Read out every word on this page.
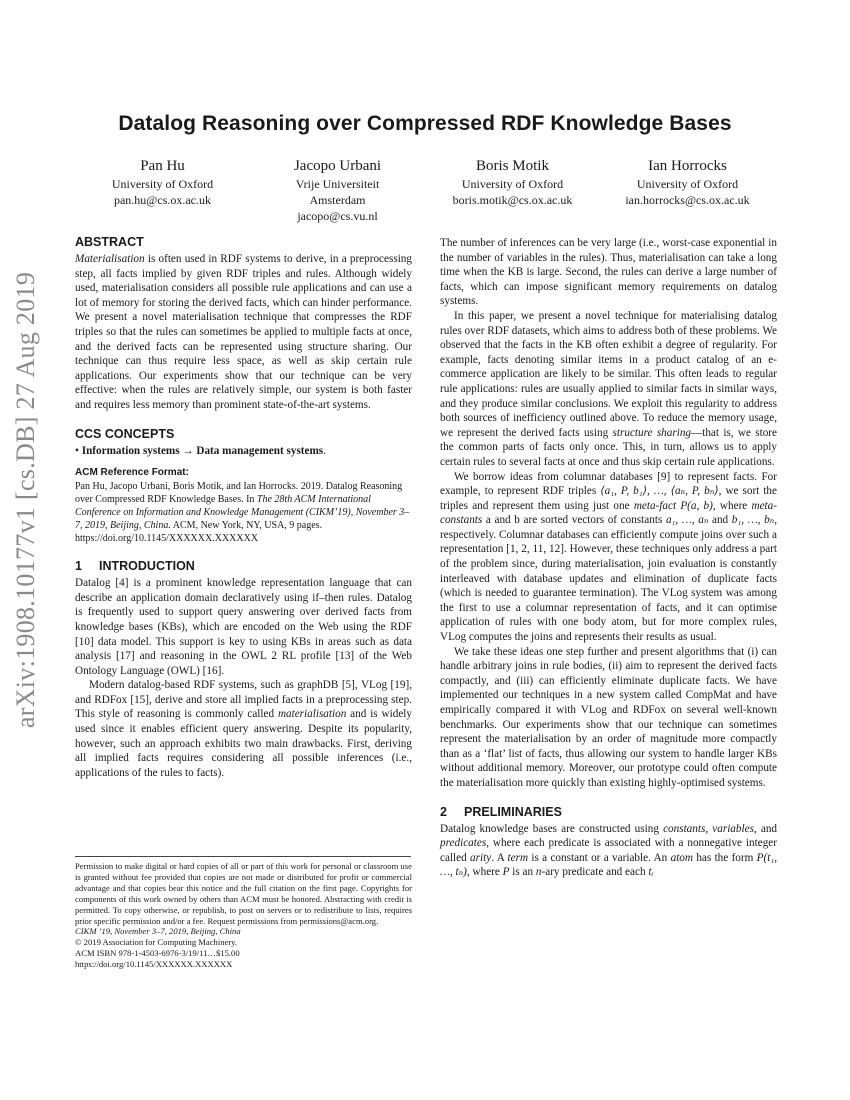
arXiv:1908.10177v1 [cs.DB] 27 Aug 2019
Datalog Reasoning over Compressed RDF Knowledge Bases
Pan Hu
University of Oxford
pan.hu@cs.ox.ac.uk
Jacopo Urbani
Vrije Universiteit
Amsterdam
jacopo@cs.vu.nl
Boris Motik
University of Oxford
boris.motik@cs.ox.ac.uk
Ian Horrocks
University of Oxford
ian.horrocks@cs.ox.ac.uk
ABSTRACT

Materialisation is often used in RDF systems to derive, in a preprocessing step, all facts implied by given RDF triples and rules. Although widely used, materialisation considers all possible rule applications and can use a lot of memory for storing the derived facts, which can hinder performance. We present a novel materialisation technique that compresses the RDF triples so that the rules can sometimes be applied to multiple facts at once, and the derived facts can be represented using structure sharing. Our technique can thus require less space, as well as skip certain rule applications. Our experiments show that our technique can be very effective: when the rules are relatively simple, our system is both faster and requires less memory than prominent state-of-the-art systems.

CCS CONCEPTS
• Information systems → Data management systems.
ACM Reference Format:
Pan Hu, Jacopo Urbani, Boris Motik, and Ian Horrocks. 2019. Datalog Reasoning over Compressed RDF Knowledge Bases. In The 28th ACM International Conference on Information and Knowledge Management (CIKM’19), November 3–7, 2019, Beijing, China. ACM, New York, NY, USA, 9 pages. https://doi.org/10.1145/XXXXXX.XXXXXX
1 INTRODUCTION

Datalog [4] is a prominent knowledge representation language that can describe an application domain declaratively using if–then rules. Datalog is frequently used to support query answering over derived facts from knowledge bases (KBs), which are encoded on the Web using the RDF [10] data model. This support is key to using KBs in areas such as data analysis [17] and reasoning in the OWL 2 RL profile [13] of the Web Ontology Language (OWL) [16].

Modern datalog-based RDF systems, such as graphDB [5], VLog [19], and RDFox [15], derive and store all implied facts in a preprocessing step. This style of reasoning is commonly called materialisation and is widely used since it enables efficient query answering. Despite its popularity, however, such an approach exhibits two main drawbacks. First, deriving all implied facts requires considering all possible inferences (i.e., applications of the rules to facts).

Permission to make digital or hard copies of all or part of this work for personal or classroom use is granted without fee provided that copies are not made or distributed for profit or commercial advantage and that copies bear this notice and the full citation on the first page. Copyrights for components of this work owned by others than ACM must be honored. Abstracting with credit is permitted. To copy otherwise, or republish, to post on servers or to redistribute to lists, requires prior specific permission and/or a fee. Request permissions from permissions@acm.org.

CIKM ’19, November 3–7, 2019, Beijing, China

© 2019 Association for Computing Machinery.

ACM ISBN 978-1-4503-6976-3/19/11…$15.00

https://doi.org/10.1145/XXXXXX.XXXXXX

The number of inferences can be very large (i.e., worst-case exponential in the number of variables in the rules). Thus, materialisation can take a long time when the KB is large. Second, the rules can derive a large number of facts, which can impose significant memory requirements on datalog systems.

In this paper, we present a novel technique for materialising datalog rules over RDF datasets, which aims to address both of these problems. We observed that the facts in the KB often exhibit a degree of regularity. For example, facts denoting similar items in a product catalog of an e-commerce application are likely to be similar. This often leads to regular rule applications: rules are usually applied to similar facts in similar ways, and they produce similar conclusions. We exploit this regularity to address both sources of inefficiency outlined above. To reduce the memory usage, we represent the derived facts using structure sharing—that is, we store the common parts of facts only once. This, in turn, allows us to apply certain rules to several facts at once and thus skip certain rule applications.

We borrow ideas from columnar databases [9] to represent facts. For example, to represent RDF triples ⟨a₁, P, b₁⟩, …, ⟨aₙ, P, bₙ⟩, we sort the triples and represent them using just one meta-fact P(a, b), where meta-constants a and b are sorted vectors of constants a₁, …, aₙ and b₁, …, bₙ, respectively. Columnar databases can efficiently compute joins over such a representation [1, 2, 11, 12]. However, these techniques only address a part of the problem since, during materialisation, join evaluation is constantly interleaved with database updates and elimination of duplicate facts (which is needed to guarantee termination). The VLog system was among the first to use a columnar representation of facts, and it can optimise application of rules with one body atom, but for more complex rules, VLog computes the joins and represents their results as usual.

We take these ideas one step further and present algorithms that (i) can handle arbitrary joins in rule bodies, (ii) aim to represent the derived facts compactly, and (iii) can efficiently eliminate duplicate facts. We have implemented our techniques in a new system called CompMat and have empirically compared it with VLog and RDFox on several well-known benchmarks. Our experiments show that our technique can sometimes represent the materialisation by an order of magnitude more compactly than as a ‘flat’ list of facts, thus allowing our system to handle larger KBs without additional memory. Moreover, our prototype could often compute the materialisation more quickly than existing highly-optimised systems.

2 PRELIMINARIES

Datalog knowledge bases are constructed using constants, variables, and predicates, where each predicate is associated with a nonnegative integer called arity. A term is a constant or a variable. An atom has the form P(t₁, …, tₙ), where P is an n-ary predicate and each tᵢ
